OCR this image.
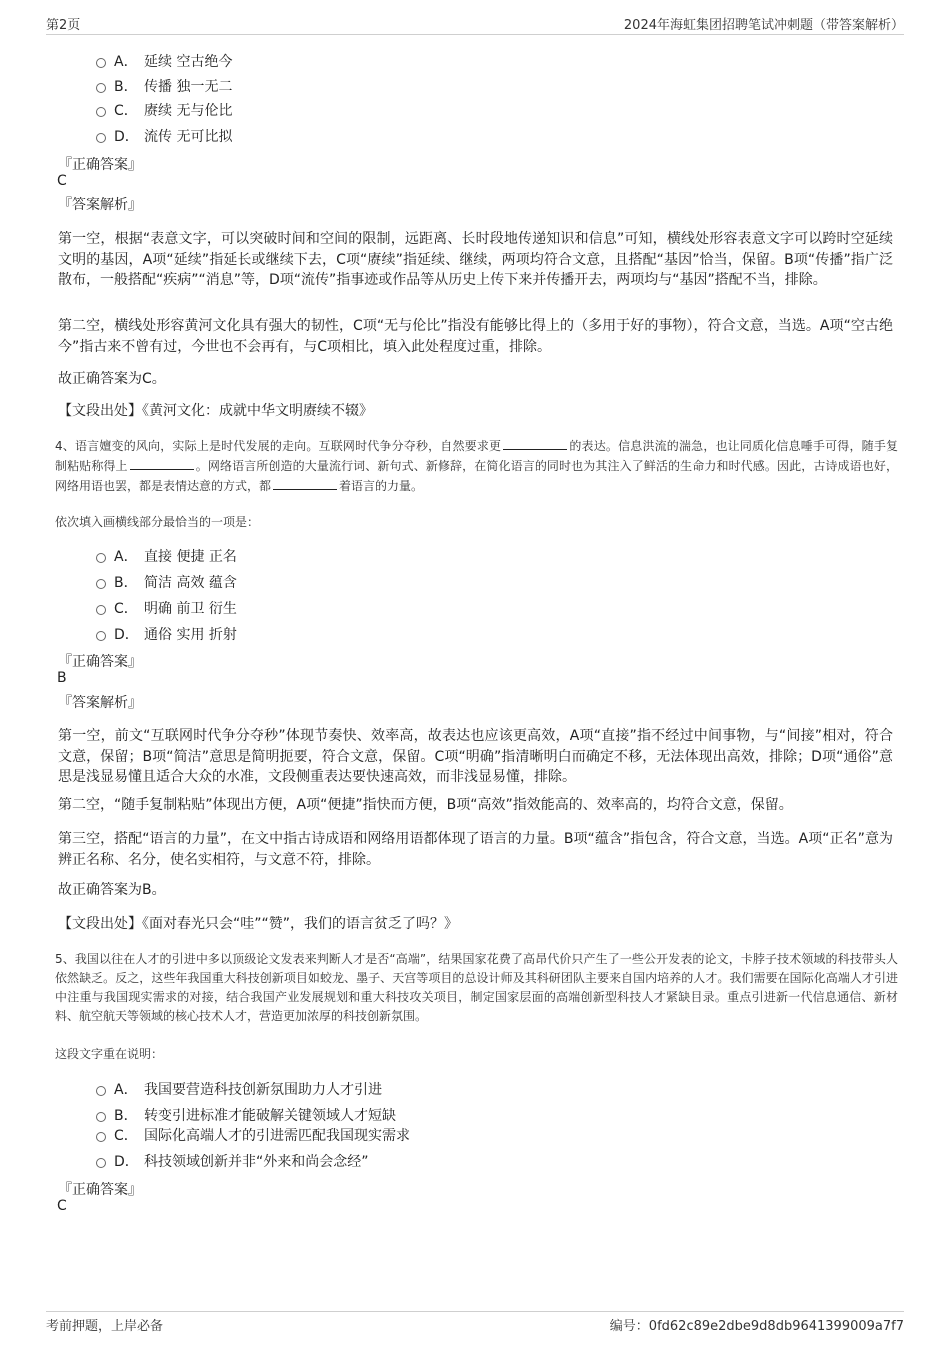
第2页	2024年海虹集团招聘笔试冲刺题（带答案解析）
A． 延续 空古绝今
B． 传播 独一无二
C． 赓续 无与伦比
D． 流传 无可比拟
『正确答案』
C
『答案解析』
第一空，根据“表意文字，可以突破时间和空间的限制，远距离、长时段地传递知识和信息”可知，横线处形容表意文字可以跨时空延续文明的基因，A项“延续”指延长或继续下去，C项“赓续”指延续、继续，两项均符合文意，且搭配“基因”恰当，保留。B项“传播”指广泛散布，一般搭配“疾病”“消息”等，D项“流传”指事迹或作品等从历史上传下来并传播开去，两项均与“基因”搭配不当，排除。
第二空，横线处形容黄河文化具有强大的韧性，C项“无与伦比”指没有能够比得上的（多用于好的事物），符合文意，当选。A项“空古绝今”指古来不曾有过，今世也不会再有，与C项相比，填入此处程度过重，排除。
故正确答案为C。
【文段出处】《黄河文化：成就中华文明赓续不辍》
4、语言嬗变的风向，实际上是时代发展的走向。互联网时代争分夺秒，自然要求更	的表达。信息洪流的湍急，也让同质化信息唾手可得，随手复制粘贴称得上	。网络语言所创造的大量流行词、新句式、新修辞，在简化语言的同时也为其注入了鲜活的生命力和时代感。因此，古诗成语也好，网络用语也罢，都是表情达意的方式，都	着语言的力量。
依次填入画横线部分最恰当的一项是：
A． 直接 便捷 正名
B． 简洁 高效 蕴含
C． 明确 前卫 衍生
D． 通俗 实用 折射
『正确答案』
B
『答案解析』
第一空，前文“互联网时代争分夺秒”体现节奏快、效率高，故表达也应该更高效，A项“直接”指不经过中间事物，与“间接”相对，符合文意，保留；B项“简洁”意思是简明扼要，符合文意，保留。C项“明确”指清晰明白而确定不移，无法体现出高效，排除；D项“通俗”意思是浅显易懂且适合大众的水准，文段侧重表达要快速高效，而非浅显易懂，排除。
第二空，“随手复制粘贴”体现出方便，A项“便捷”指快而方便，B项“高效”指效能高的、效率高的，均符合文意，保留。
第三空，搭配“语言的力量”，在文中指古诗成语和网络用语都体现了语言的力量。B项“蕴含”指包含，符合文意，当选。A项“正名”意为辨正名称、名分，使名实相符，与文意不符，排除。
故正确答案为B。
【文段出处】《面对春光只会“哇”“赞”，我们的语言贫乏了吗？》
5、我国以往在人才的引进中多以顶级论文发表来判断人才是否“高端”，结果国家花费了高昂代价只产生了一些公开发表的论文，卡脖子技术领域的科技带头人依然缺乏。反之，这些年我国重大科技创新项目如蛟龙、墨子、天宫等项目的总设计师及其科研团队主要来自国内培养的人才。我们需要在国际化高端人才引进中注重与我国现实需求的对接，结合我国产业发展规划和重大科技攻关项目，制定国家层面的高端创新型科技人才紧缺目录。重点引进新一代信息通信、新材料、航空航天等领域的核心技术人才，营造更加浓厚的科技创新氛围。
这段文字重在说明：
A． 我国要营造科技创新氛围助力人才引进
B． 转变引进标准才能破解关键领域人才短缺
C． 国际化高端人才的引进需匹配我国现实需求
D． 科技领域创新并非“外来和尚会念经”
『正确答案』
C
考前押题，上岸必备	编号：0fd62c89e2dbe9d8db9641399009a7f7
